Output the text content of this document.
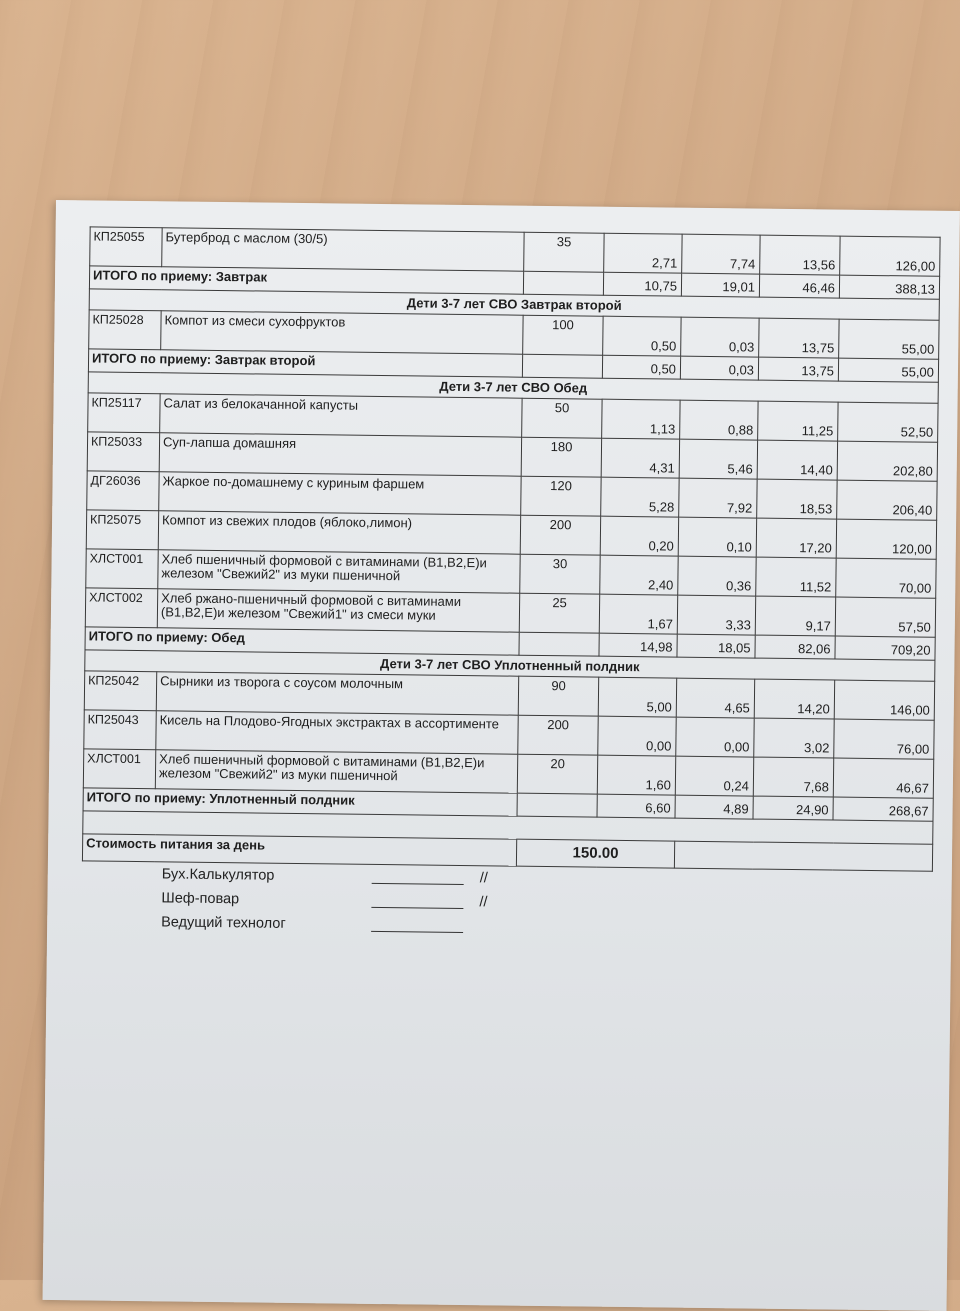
КП25055	Бутерброд с маслом (30/5)	35	2,71	7,74	13,56	126,00
ИТОГО по приему: Завтрак			10,75	19,01	46,46	388,13
Дети 3-7 лет СВО Завтрак второй						
КП25028	Компот из смеси сухофруктов	100	0,50	0,03	13,75	55,00
ИТОГО по приему: Завтрак второй			0,50	0,03	13,75	55,00
Дети 3-7 лет СВО Обед						
КП25117	Салат из белокачанной капусты	50	1,13	0,88	11,25	52,50
КП25033	Суп-лапша домашняя	180	4,31	5,46	14,40	202,80
ДГ26036	Жаркое по-домашнему с куриным фаршем	120	5,28	7,92	18,53	206,40
КП25075	Компот из свежих плодов (яблоко,лимон)	200	0,20	0,10	17,20	120,00
ХЛСТ001	Хлеб пшеничный формовой с витаминами (B1,B2,E)и железом "Свежий2" из муки пшеничной	30	2,40	0,36	11,52	70,00
ХЛСТ002	Хлеб ржано-пшеничный формовой с витаминами (B1,B2,E)и железом "Свежий1" из смеси муки	25	1,67	3,33	9,17	57,50
ИТОГО по приему: Обед			14,98	18,05	82,06	709,20
Дети 3-7 лет СВО Уплотненный полдник						
КП25042	Сырники из творога с соусом молочным	90	5,00	4,65	14,20	146,00
КП25043	Кисель на Плодово-Ягодных экстрактах в ассортименте	200	0,00	0,00	3,02	76,00
ХЛСТ001	Хлеб пшеничный формовой с витаминами (B1,B2,E)и железом "Свежий2" из муки пшеничной	20	1,60	0,24	7,68	46,67
ИТОГО по приему: Уплотненный полдник			6,60	4,89	24,90	268,67

Стоимость питания за день		150.00				
Бух.Калькулятор	//
Шеф-повар	//
Ведущий технолог
